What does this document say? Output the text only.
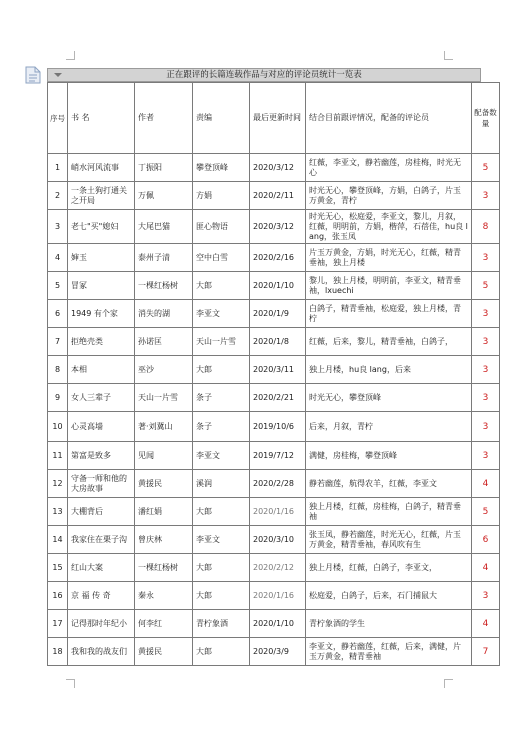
正在跟评的长篇连载作品与对应的评论员统计一览表
序号	书 名	作者	责编	最后更新时间	结合目前跟评情况，配备的评论员	配备数量
1	峭水河风流事	丁振阳	攀登顶峰	2020/3/12	红薇，李亚文，静若幽莲，房桂梅，时光无心	5
2	一条土狗打通关之开局	万佩	方娟	2020/2/11	时光无心，攀登顶峰，方娟，白鸽子，片玉万黄金，青柠	3
3	老七"买"媳妇	大尾巴猫	匪心物语	2020/3/12	时光无心，松庭爱，李亚文，黎儿，月叙，红薇，明明前，方娟，楷萍，石蓓佳，hu良 lang，张玉凤	8
4	婶玉	泰州子清	空中白雪	2020/2/16	片玉万黄金，方娟，时光无心，红薇，精青垂袖，独上月楼	3
5	冒冢	一棵红杨树	大郎	2020/1/10	黎儿，独上月楼，明明前，李亚文，精青垂袖，lxuechi	5
6	1949 有个家	消失的湖	李亚文	2020/1/9	白鸽子，精青垂袖，松庭爱，独上月楼，青柠	3
7	拒绝壳类	孙诺匡	天山一片雪	2020/1/8	红薇，后来，黎儿，精青垂袖，白鸽子，	3
8	本相	巫沙	大郎	2020/3/11	独上月楼，hu良 lang，后来	3
9	女人三辈子	天山一片雪	条子	2020/2/21	时光无心，攀登顶峰	3
10	心灵高墙	著·刘冀山	条子	2019/10/6	后来，月叙，青柠	3
11	第富是致多	见闻	李亚文	2019/7/12	满健，房桂梅，攀登顶峰	3
12	守备一师和他的大房故事	黄援民	溪润	2020/2/28	静若幽莲，航得农羊，红薇，李亚文	4
13	大棚背后	潘红娟	大郎	2020/1/16	独上月楼，红薇，房桂梅，白鸽子，精青垂袖	5
14	我家住在栗子沟	曾庆林	李亚文	2020/3/10	张玉凤，静若幽莲，时光无心，红薇，片玉万黄金，精青垂袖，春风吹有生	6
15	红山大案	一棵红杨树	大郎	2020/2/12	独上月楼，红薇，白鸽子，李亚文，	4
16	京 福 传 奇	秦永	大郎	2020/1/16	松庭爱，白鸽子，后来，石门捕鼠大	3
17	记得那时年纪小	何李红	青柠象酒	2020/1/10	青柠象酒的学生	4
18	我和我的战友们	黄援民	大郎	2020/3/9	李亚文，静若幽莲，红薇，后来，满健，片玉万黄金，精青垂袖	7
